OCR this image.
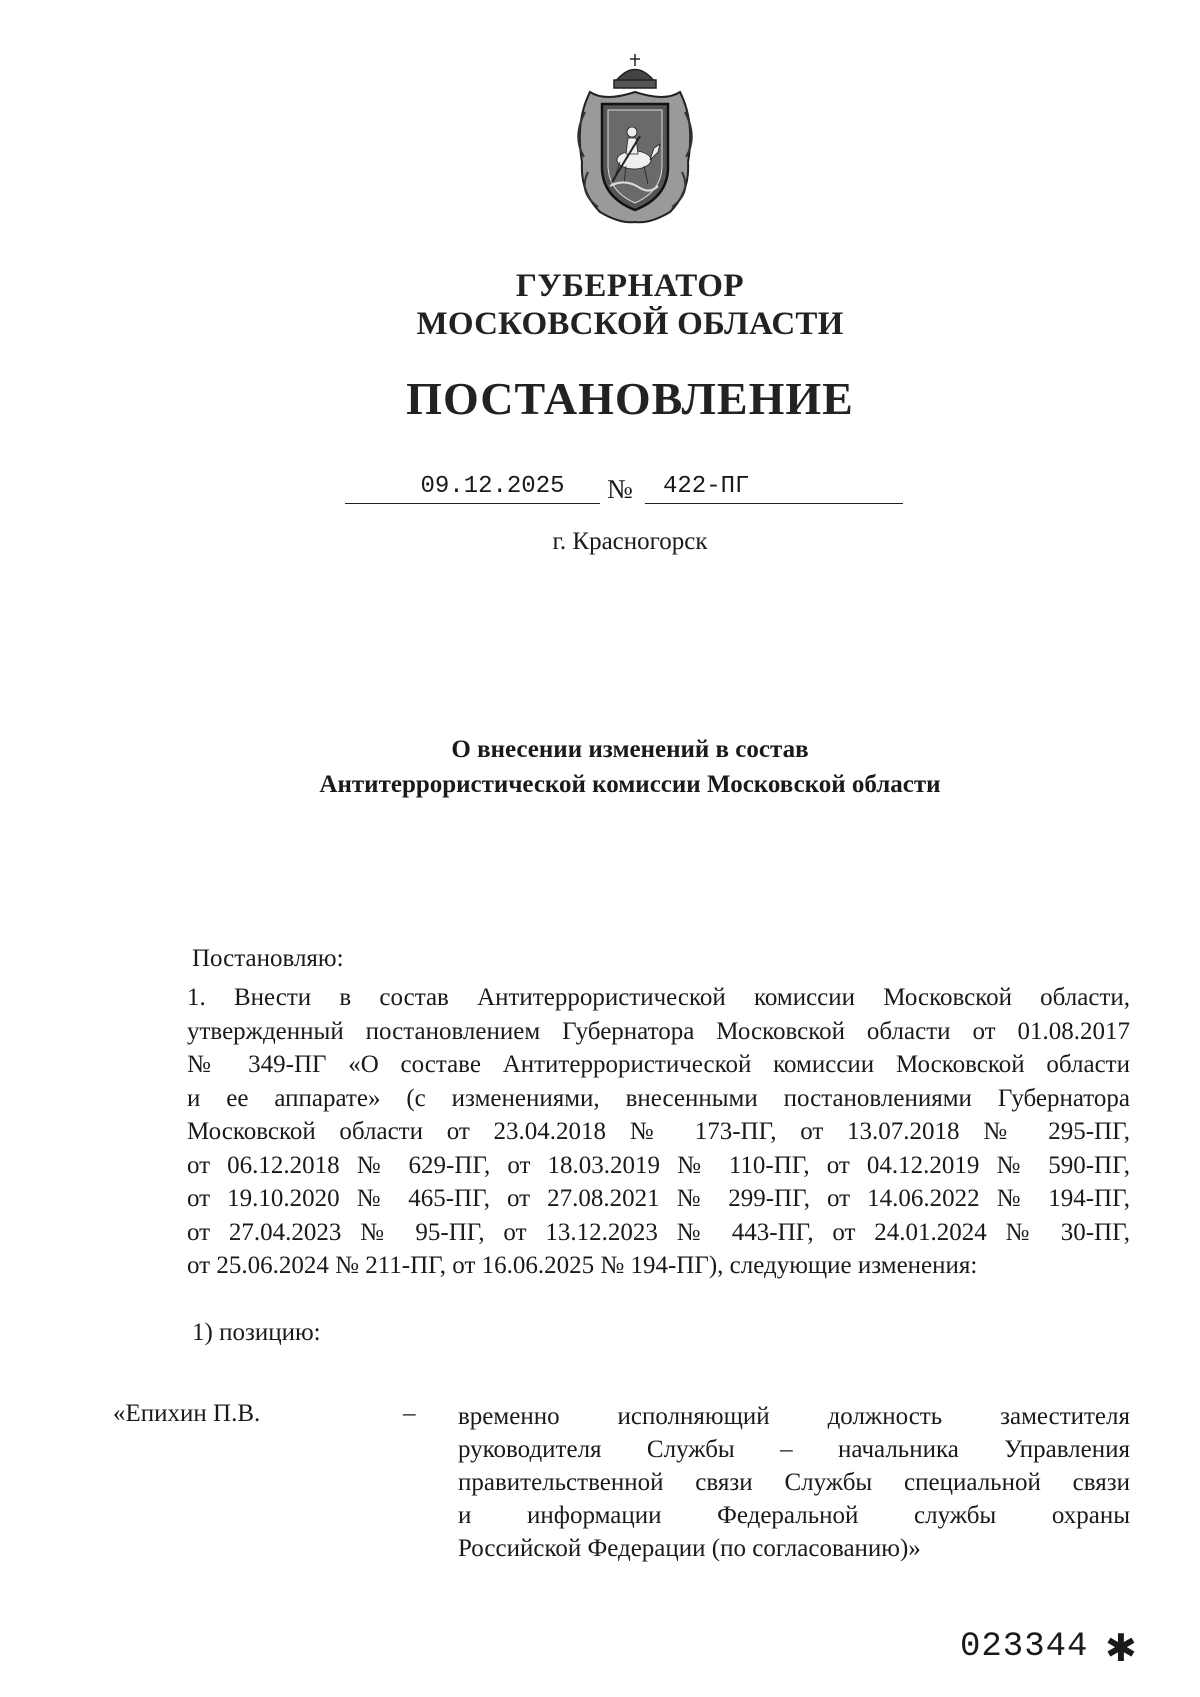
ГУБЕРНАТОР
МОСКОВСКОЙ ОБЛАСТИ
ПОСТАНОВЛЕНИЕ
09.12.2025	№	422-ПГ
г. Красногорск
О внесении изменений в состав
Антитеррористической комиссии Московской области
Постановляю:
1. Внести в состав Антитеррористической комиссии Московской области,
утвержденный постановлением Губернатора Московской области от 01.08.2017
№ 349-ПГ «О составе Антитеррористической комиссии Московской области
и ее аппарате» (с изменениями, внесенными постановлениями Губернатора
Московской области от 23.04.2018 № 173-ПГ, от 13.07.2018 № 295-ПГ,
от 06.12.2018 № 629-ПГ, от 18.03.2019 № 110-ПГ, от 04.12.2019 № 590-ПГ,
от 19.10.2020 № 465-ПГ, от 27.08.2021 № 299-ПГ, от 14.06.2022 № 194-ПГ,
от 27.04.2023 № 95-ПГ, от 13.12.2023 № 443-ПГ, от 24.01.2024 № 30-ПГ,
от 25.06.2024 № 211-ПГ, от 16.06.2025 № 194-ПГ), следующие изменения:
1) позицию:
«Епихин П.В.	– временно исполняющий должность заместителя
руководителя Службы – начальника Управления
правительственной связи Службы специальной связи
и информации Федеральной службы охраны
Российской Федерации (по согласованию)»
023344 ✱
